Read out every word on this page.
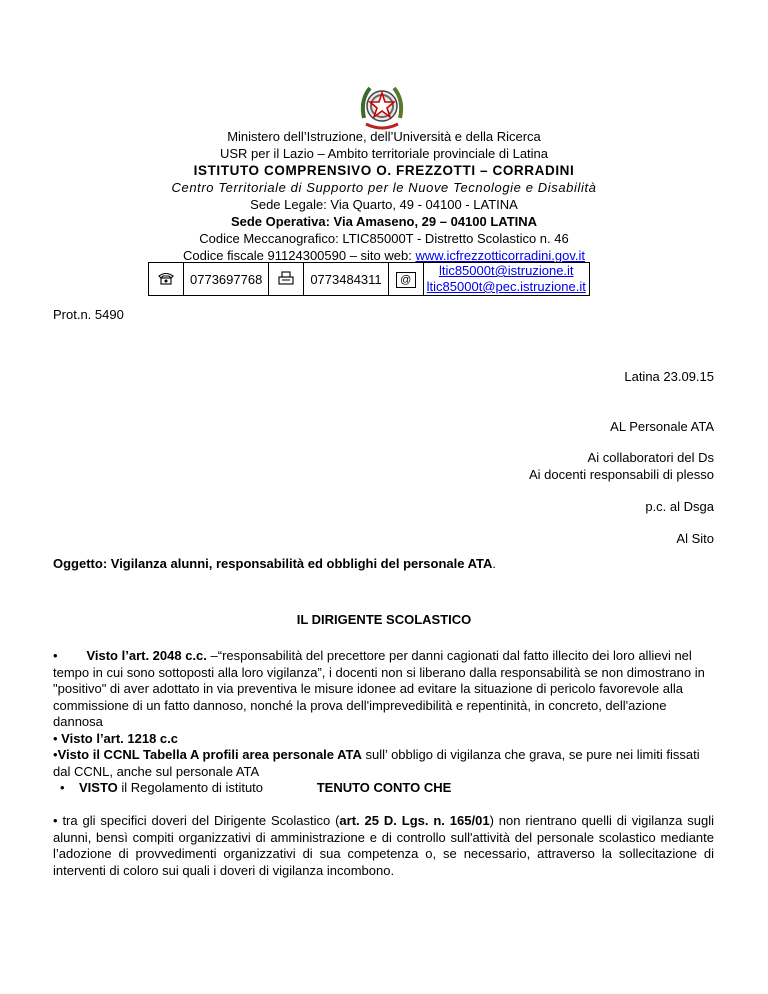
Ministero dell’Istruzione, dell’Università e della Ricerca
USR per il Lazio – Ambito territoriale provinciale di Latina
ISTITUTO COMPRENSIVO O. FREZZOTTI – CORRADINI
Centro Territoriale di Supporto per le Nuove Tecnologie e Disabilità
Sede Legale: Via Quarto, 49 - 04100 - LATINA
Sede Operativa: Via Amaseno, 29 – 04100 LATINA
Codice Meccanografico: LTIC85000T - Distretto Scolastico n. 46
Codice fiscale 91124300590 – sito web: www.icfrezzotticorradini.gov.it
	0773697768		0773484311	@	
ltic85000t@istruzione.it
ltic85000t@pec.istruzione.it
Prot.n. 5490
Latina 23.09.15
AL Personale ATA
Ai collaboratori del Ds
Ai docenti responsabili di plesso
p.c. al Dsga
Al Sito
Oggetto: Vigilanza alunni, responsabilità ed obblighi del personale ATA.
IL DIRIGENTE SCOLASTICO
•        Visto l’art. 2048 c.c. –“responsabilità del precettore per danni cagionati dal fatto illecito dei loro allievi nel tempo in cui sono sottoposti alla loro vigilanza”, i docenti non si liberano dalla responsabilità se non dimostrano in "positivo" di aver adottato in via preventiva le misure idonee ad evitare la situazione di pericolo favorevole alla commissione di un fatto dannoso, nonché la prova dell'imprevedibilità e repentinità, in concreto, dell'azione dannosa
• Visto l’art. 1218 c.c
•Visto il CCNL Tabella A profili area personale ATA sull’ obbligo di vigilanza che grava, se pure nei limiti fissati dal CCNL, anche sul personale ATA
•    VISTO il Regolamento di istituto	TENUTO CONTO CHE
• tra gli specifici doveri del Dirigente Scolastico (art. 25 D. Lgs. n. 165/01) non rientrano quelli di vigilanza sugli alunni, bensì compiti organizzativi di amministrazione e di controllo sull'attività del personale scolastico mediante l’adozione di provvedimenti organizzativi di sua competenza o, se necessario, attraverso la sollecitazione di interventi di coloro sui quali i doveri di vigilanza incombono.
